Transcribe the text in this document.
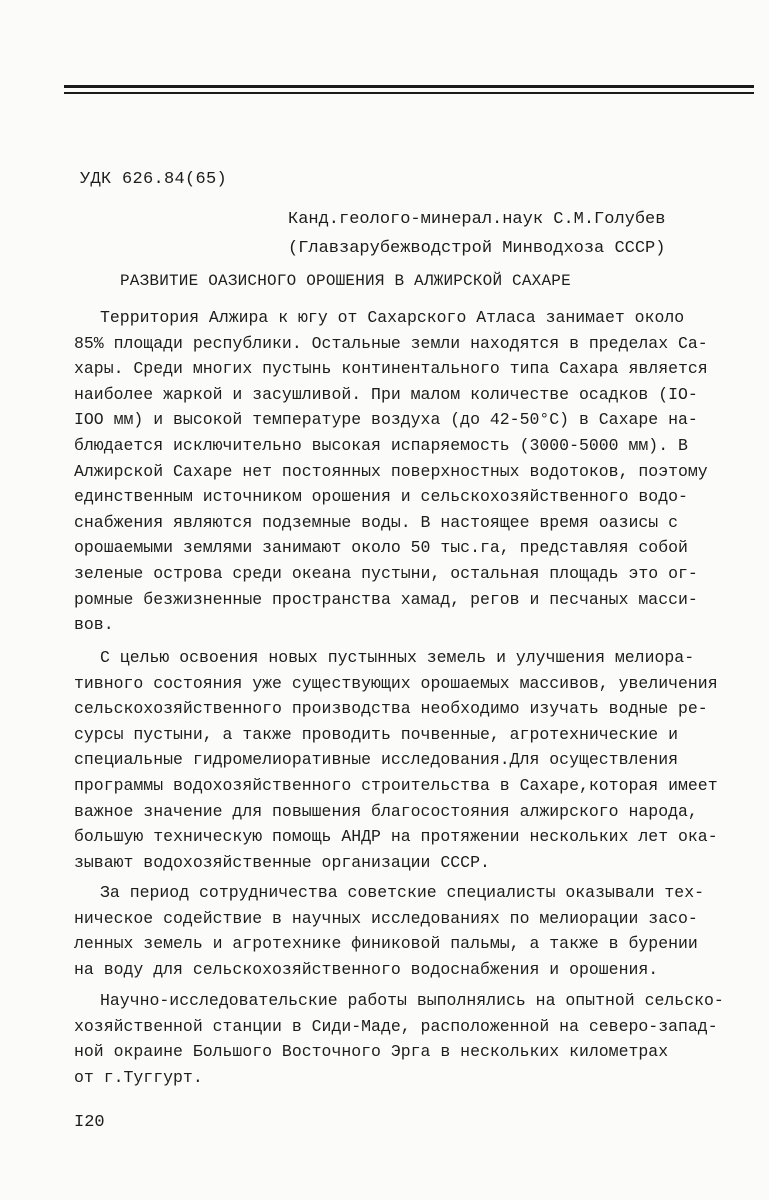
УДК 626.84(65)
Канд.геолого-минерал.наук С.М.Голубев
(Главзарубежводстрой Минводхоза СССР)
РАЗВИТИЕ ОАЗИСНОГО ОРОШЕНИЯ В АЛЖИРСКОЙ САХАРЕ
Территория Алжира к югу от Сахарского Атласа занимает около
85% площади республики. Остальные земли находятся в пределах Са-
хары. Среди многих пустынь континентального типа Сахара является
наиболее жаркой и засушливой. При малом количестве осадков (IO-
IOO мм) и высокой температуре воздуха (до 42-50°С) в Сахаре на-
блюдается исключительно высокая испаряемость (3000-5000 мм). В
Алжирской Сахаре нет постоянных поверхностных водотоков, поэтому
единственным источником орошения и сельскохозяйственного водо-
снабжения являются подземные воды. В настоящее время оазисы с
орошаемыми землями занимают около 50 тыс.га, представляя собой
зеленые острова среди океана пустыни, остальная площадь это ог-
ромные безжизненные пространства хамад, регов и песчаных масси-
вов.
С целью освоения новых пустынных земель и улучшения мелиора-
тивного состояния уже существующих орошаемых массивов, увеличения
сельскохозяйственного производства необходимо изучать водные ре-
сурсы пустыни, а также проводить почвенные, агротехнические и
специальные гидромелиоративные исследования.Для осуществления
программы водохозяйственного строительства в Сахаре,которая имеет
важное значение для повышения благосостояния алжирского народа,
большую техническую помощь АНДР на протяжении нескольких лет ока-
зывают водохозяйственные организации СССР.
За период сотрудничества советские специалисты оказывали тех-
ническое содействие в научных исследованиях по мелиорации засо-
ленных земель и агротехнике финиковой пальмы, а также в бурении
на воду для сельскохозяйственного водоснабжения и орошения.
Научно-исследовательские работы выполнялись на опытной сельско-
хозяйственной станции в Сиди-Маде, расположенной на северо-запад-
ной окраине Большого Восточного Эрга в нескольких километрах
от г.Туггурт.
I20
